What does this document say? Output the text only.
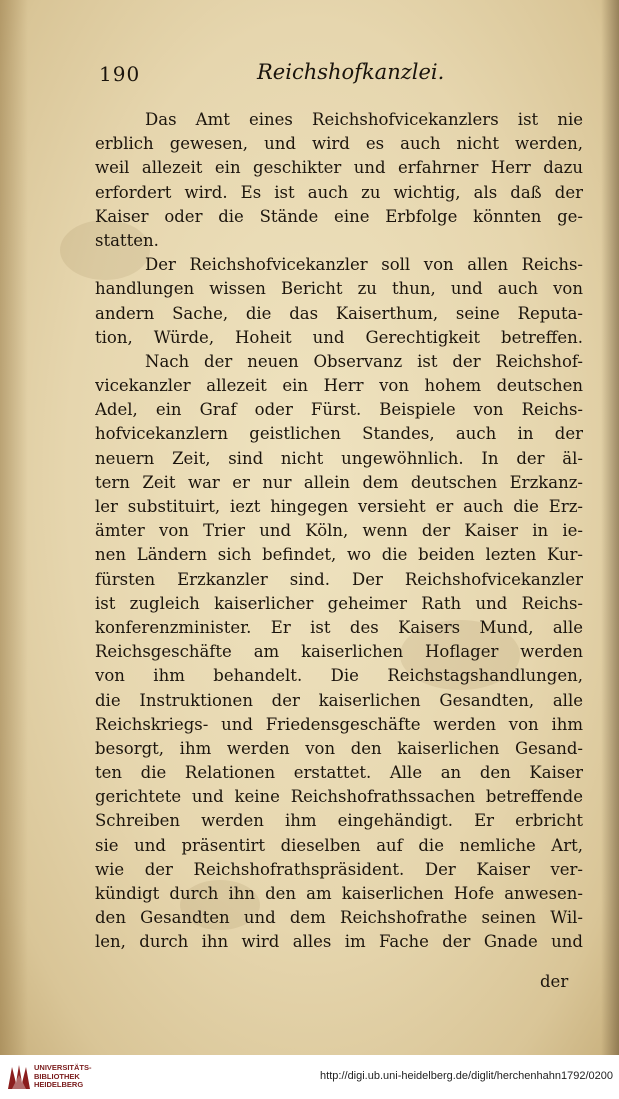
190	Reichshofkanzlei.
Das Amt eines Reichshofvicekanzlers ist nie
erblich gewesen, und wird es auch nicht werden,
weil allezeit ein geschikter und erfahrner Herr dazu
erfordert wird. Es ist auch zu wichtig, als daß der
Kaiser oder die Stände eine Erbfolge könnten ge-
statten.
Der Reichshofvicekanzler soll von allen Reichs-
handlungen wissen Bericht zu thun, und auch von
andern Sache, die das Kaiserthum, seine Reputa-
tion, Würde, Hoheit und Gerechtigkeit betreffen.
Nach der neuen Observanz ist der Reichshof-
vicekanzler allezeit ein Herr von hohem deutschen
Adel, ein Graf oder Fürst. Beispiele von Reichs-
hofvicekanzlern geistlichen Standes, auch in der
neuern Zeit, sind nicht ungewöhnlich. In der äl-
tern Zeit war er nur allein dem deutschen Erzkanz-
ler substituirt, iezt hingegen versieht er auch die Erz-
ämter von Trier und Köln, wenn der Kaiser in ie-
nen Ländern sich befindet, wo die beiden lezten Kur-
fürsten Erzkanzler sind. Der Reichshofvicekanzler
ist zugleich kaiserlicher geheimer Rath und Reichs-
konferenzminister. Er ist des Kaisers Mund, alle
Reichsgeschäfte am kaiserlichen Hoflager werden
von ihm behandelt. Die Reichstagshandlungen,
die Instruktionen der kaiserlichen Gesandten, alle
Reichskriegs- und Friedensgeschäfte werden von ihm
besorgt, ihm werden von den kaiserlichen Gesand-
ten die Relationen erstattet. Alle an den Kaiser
gerichtete und keine Reichshofrathssachen betreffende
Schreiben werden ihm eingehändigt. Er erbricht
sie und präsentirt dieselben auf die nemliche Art,
wie der Reichshofrathspräsident. Der Kaiser ver-
kündigt durch ihn den am kaiserlichen Hofe anwesen-
den Gesandten und dem Reichshofrathe seinen Wil-
len, durch ihn wird alles im Fache der Gnade und
der
UNIVERSITÄTS-
BIBLIOTHEK
HEIDELBERG
http://digi.ub.uni-heidelberg.de/diglit/herchenhahn1792/0200
